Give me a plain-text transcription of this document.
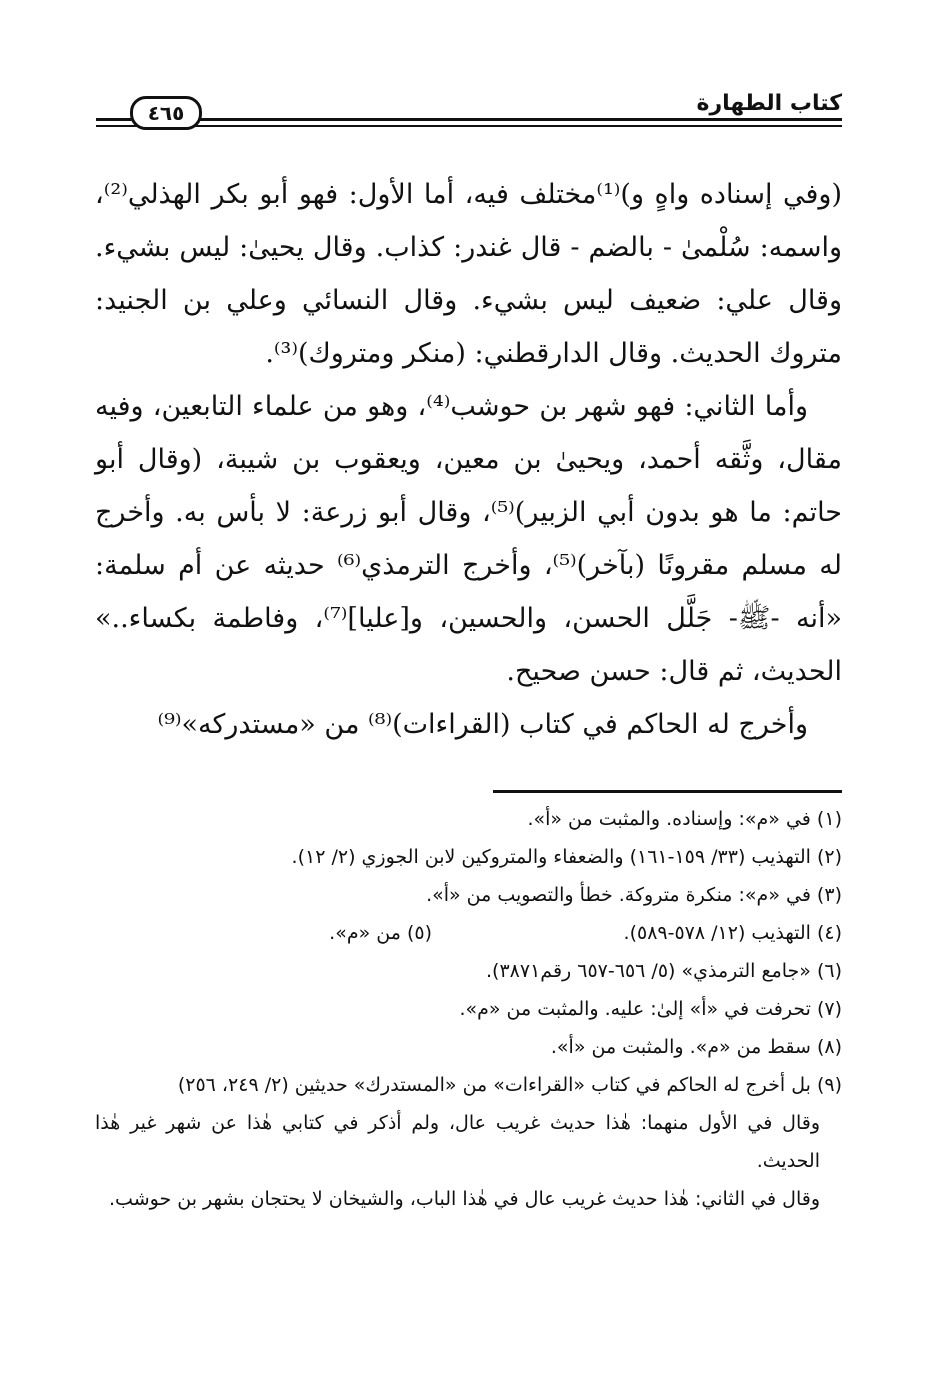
٤٦٥	كتاب الطهارة

(وفي إسناده واهٍ و)⁽¹⁾مختلف فيه، أما الأول: فهو أبو بكر الهذلي⁽²⁾، واسمه: سُلْمىٰ - بالضم - قال غندر: كذاب. وقال يحيىٰ: ليس بشيء. وقال علي: ضعيف ليس بشيء. وقال النسائي وعلي بن الجنيد: متروك الحديث. وقال الدارقطني: (منكر ومتروك)⁽³⁾.

وأما الثاني: فهو شهر بن حوشب⁽⁴⁾، وهو من علماء التابعين، وفيه مقال، وثَّقه أحمد، ويحيىٰ بن معين، ويعقوب بن شيبة، (وقال أبو حاتم: ما هو بدون أبي الزبير)⁽⁵⁾، وقال أبو زرعة: لا بأس به. وأخرج له مسلم مقرونًا (بآخر)⁽⁵⁾، وأخرج الترمذي⁽⁶⁾ حديثه عن أم سلمة: «أنه -ﷺ- جَلَّل الحسن، والحسين، و[عليا]⁽⁷⁾، وفاطمة بكساء..» الحديث، ثم قال: حسن صحيح.

وأخرج له الحاكم في كتاب (القراءات)⁽⁸⁾ من «مستدركه»⁽⁹⁾

(١) في «م»: وإسناده. والمثبت من «أ».

(٢) التهذيب (٣٣/ ١٥٩-١٦١) والضعفاء والمتروكين لابن الجوزي (٢/ ١٢).

(٣) في «م»: منكرة متروكة. خطأ والتصويب من «أ».

(٤) التهذيب (١٢/ ٥٧٨-٥٨٩).
(٥) من «م».

(٦) «جامع الترمذي» (٥/ ٦٥٦-٦٥٧ رقم٣٨٧١).

(٧) تحرفت في «أ» إلىٰ: عليه. والمثبت من «م».

(٨) سقط من «م». والمثبت من «أ».

(٩) بل أخرج له الحاكم في كتاب «القراءات» من «المستدرك» حديثين (٢/ ٢٤٩، ٢٥٦)

وقال في الأول منهما: هٰذا حديث غريب عال، ولم أذكر في كتابي هٰذا عن شهر غير هٰذا الحديث.

وقال في الثاني: هٰذا حديث غريب عال في هٰذا الباب، والشيخان لا يحتجان بشهر بن حوشب.
